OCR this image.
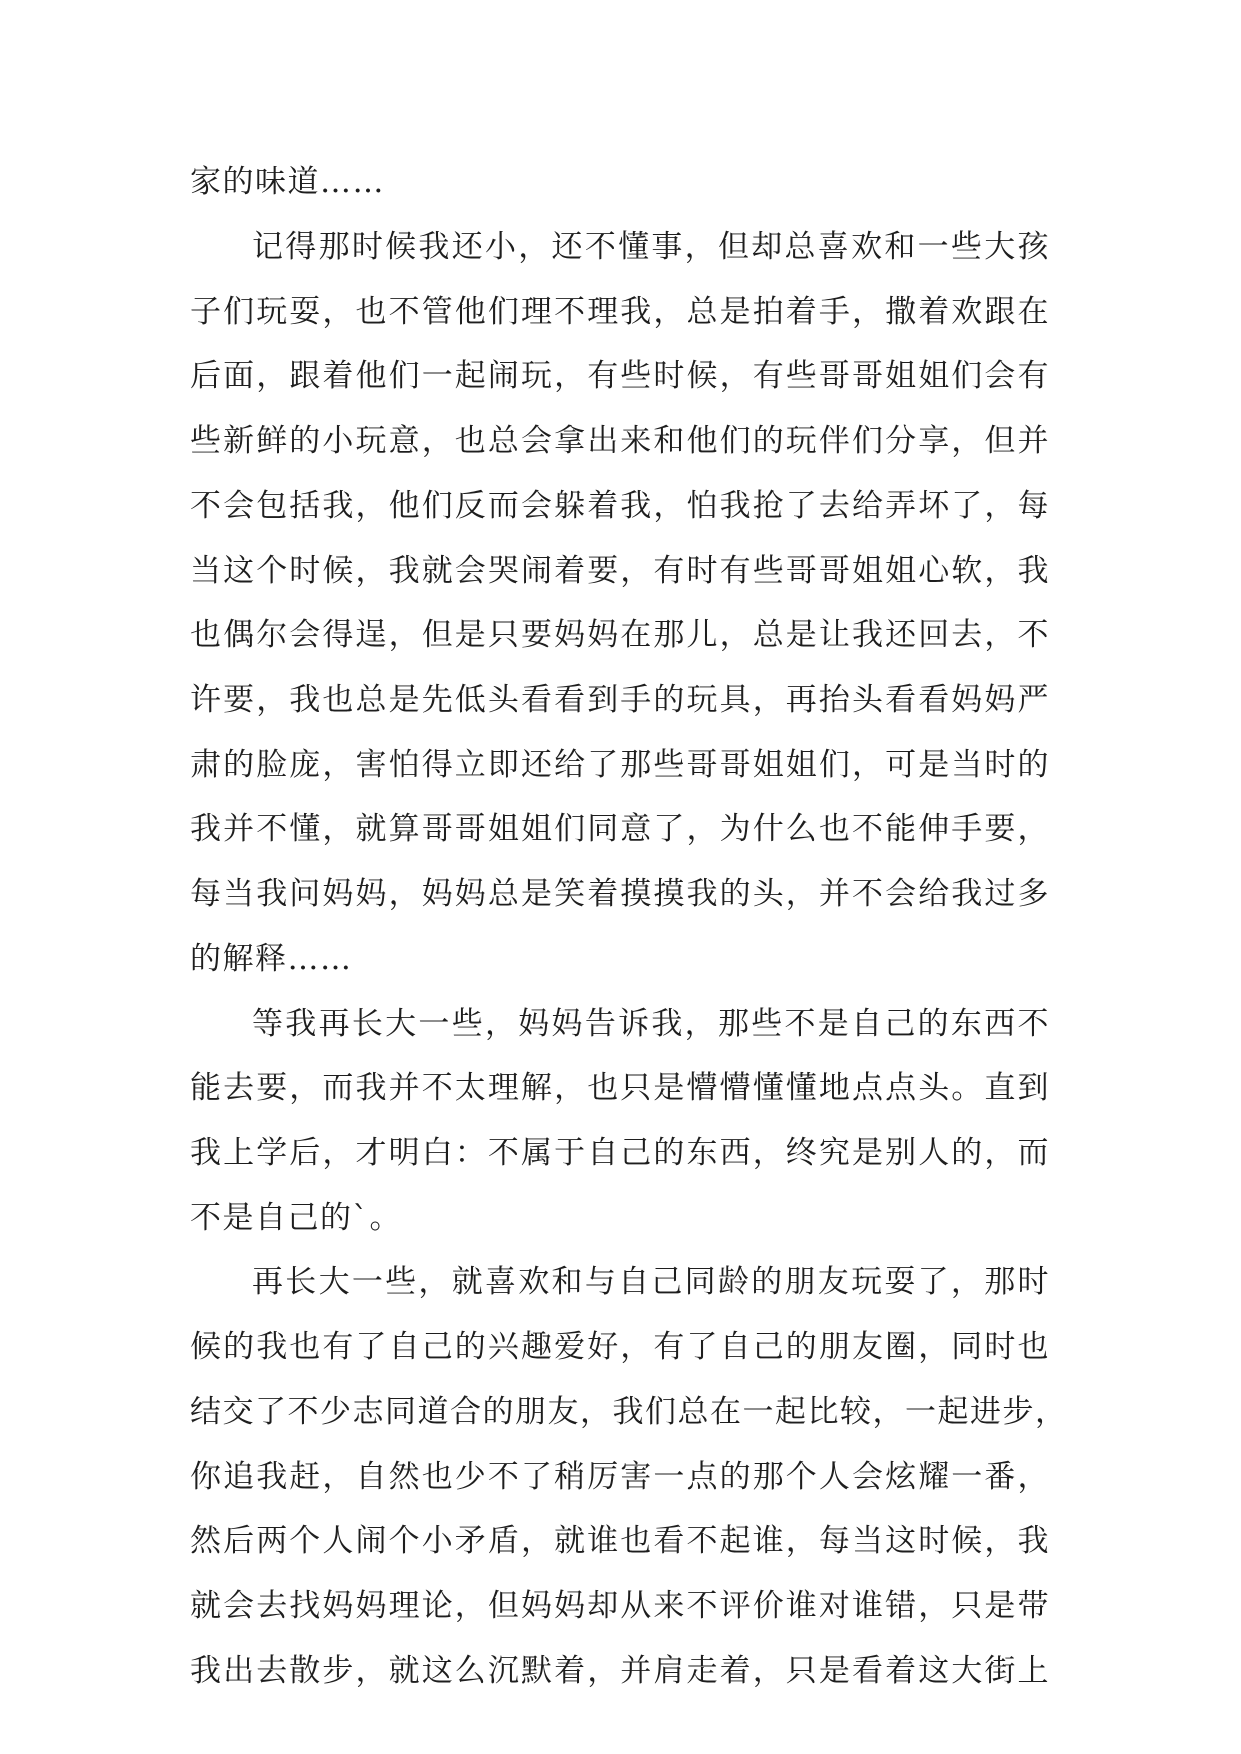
家的味道……
记得那时候我还小，还不懂事，但却总喜欢和一些大孩
子们玩耍，也不管他们理不理我，总是拍着手，撒着欢跟在
后面，跟着他们一起闹玩，有些时候，有些哥哥姐姐们会有
些新鲜的小玩意，也总会拿出来和他们的玩伴们分享，但并
不会包括我，他们反而会躲着我，怕我抢了去给弄坏了，每
当这个时候，我就会哭闹着要，有时有些哥哥姐姐心软，我
也偶尔会得逞，但是只要妈妈在那儿，总是让我还回去，不
许要，我也总是先低头看看到手的玩具，再抬头看看妈妈严
肃的脸庞，害怕得立即还给了那些哥哥姐姐们，可是当时的
我并不懂，就算哥哥姐姐们同意了，为什么也不能伸手要，
每当我问妈妈，妈妈总是笑着摸摸我的头，并不会给我过多
的解释……
等我再长大一些，妈妈告诉我，那些不是自己的东西不
能去要，而我并不太理解，也只是懵懵懂懂地点点头。直到
我上学后，才明白：不属于自己的东西，终究是别人的，而
不是自己的`。
再长大一些，就喜欢和与自己同龄的朋友玩耍了，那时
候的我也有了自己的兴趣爱好，有了自己的朋友圈，同时也
结交了不少志同道合的朋友，我们总在一起比较，一起进步，
你追我赶，自然也少不了稍厉害一点的那个人会炫耀一番，
然后两个人闹个小矛盾，就谁也看不起谁，每当这时候，我
就会去找妈妈理论，但妈妈却从来不评价谁对谁错，只是带
我出去散步，就这么沉默着，并肩走着，只是看着这大街上
